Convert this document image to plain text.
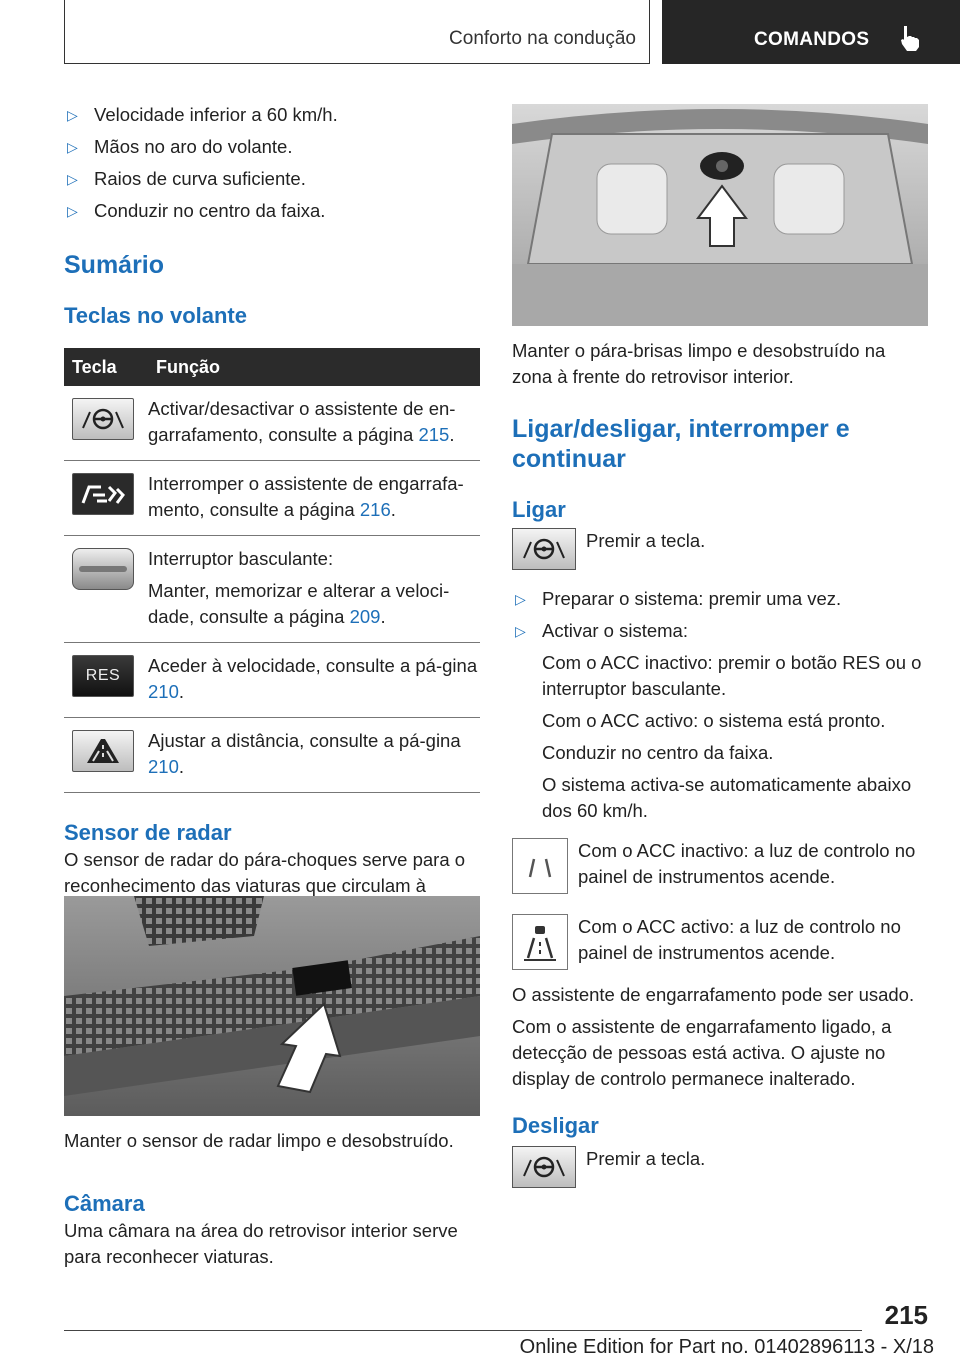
Conforto na condução	COMANDOS
▷ Velocidade inferior a 60 km/h.
▷ Mãos no aro do volante.
▷ Raios de curva suficiente.
▷ Conduzir no centro da faixa.
Sumário
Teclas no volante
Tecla	Função

	Activar/desactivar o assistente de en-garrafamento, consulte a página 215.

	Interromper o assistente de engarrafa-mento, consulte a página 216.

Interruptor basculante:
Manter, memorizar e alterar a veloci-dade, consulte a página 209.

RES	Aceder à velocidade, consulte a pá-gina 210.

	Ajustar a distância, consulte a pá-gina 210.
Sensor de radar
O sensor de radar do pára-choques serve para o reconhecimento das viaturas que circulam à
Manter o sensor de radar limpo e desobstruído.
Câmara
Uma câmara na área do retrovisor interior serve para reconhecer viaturas.
Manter o pára-brisas limpo e desobstruído na zona à frente do retrovisor interior.
Ligar/desligar, interromper e continuar
Ligar
Premir a tecla.
▷ Preparar o sistema: premir uma vez.
▷ Activar o sistema:
Com o ACC inactivo: premir o botão RES ou o interruptor basculante.
Com o ACC activo: o sistema está pronto.
Conduzir no centro da faixa.
O sistema activa-se automaticamente abaixo dos 60 km/h.
Com o ACC inactivo: a luz de controlo no painel de instrumentos acende.
Com o ACC activo: a luz de controlo no painel de instrumentos acende.
O assistente de engarrafamento pode ser usado.
Com o assistente de engarrafamento ligado, a detecção de pessoas está activa. O ajuste no display de controlo permanece inalterado.
Desligar
Premir a tecla.
215
Online Edition for Part no. 01402896113 - X/18
